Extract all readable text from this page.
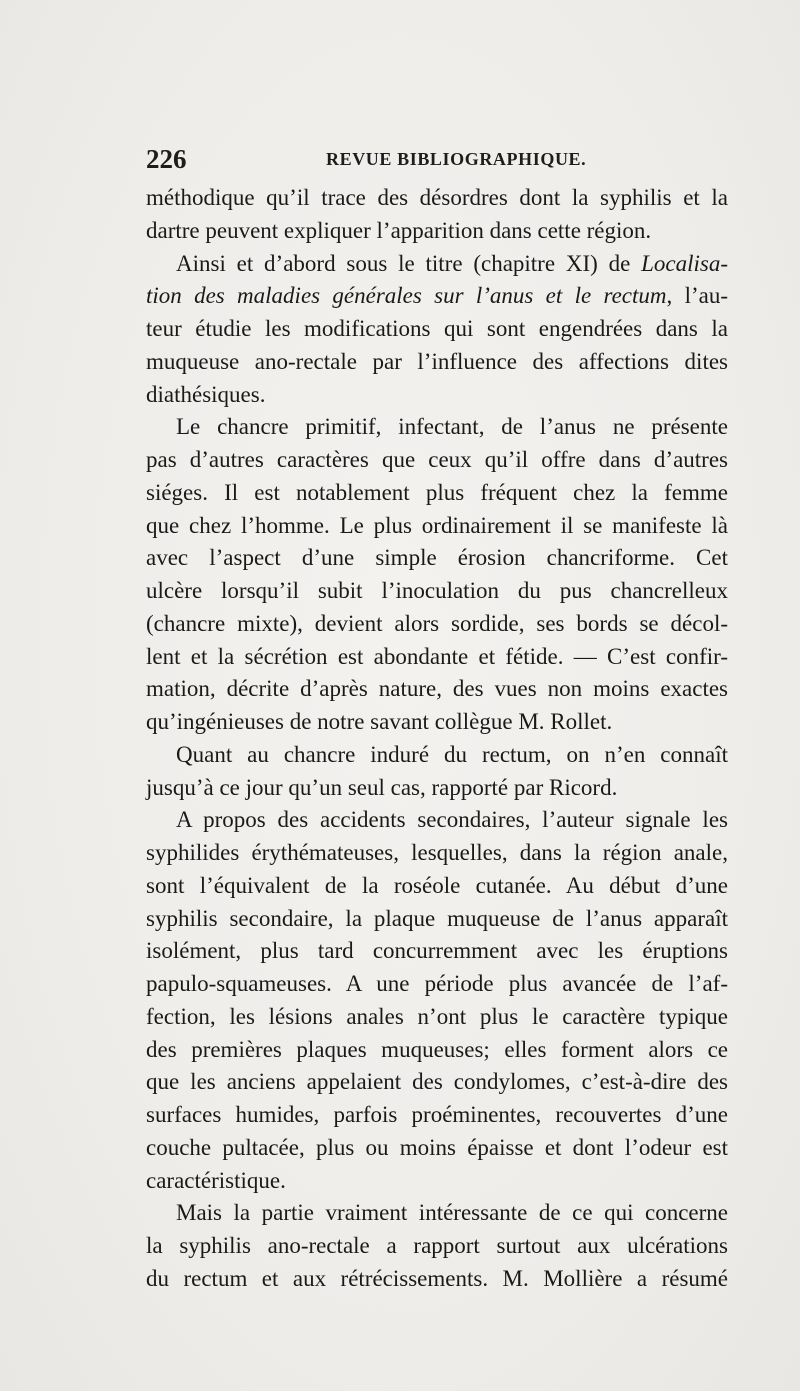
226	REVUE BIBLIOGRAPHIQUE.
méthodique qu’il trace des désordres dont la syphilis et la
dartre peuvent expliquer l’apparition dans cette région.
Ainsi et d’abord sous le titre (chapitre XI) de Localisa-
tion des maladies générales sur l’anus et le rectum, l’au-
teur étudie les modifications qui sont engendrées dans la
muqueuse ano-rectale par l’influence des affections dites
diathésiques.
Le chancre primitif, infectant, de l’anus ne présente
pas d’autres caractères que ceux qu’il offre dans d’autres
siéges. Il est notablement plus fréquent chez la femme
que chez l’homme. Le plus ordinairement il se manifeste là
avec l’aspect d’une simple érosion chancriforme. Cet
ulcère lorsqu’il subit l’inoculation du pus chancrelleux
(chancre mixte), devient alors sordide, ses bords se décol-
lent et la sécrétion est abondante et fétide. — C’est confir-
mation, décrite d’après nature, des vues non moins exactes
qu’ingénieuses de notre savant collègue M. Rollet.
Quant au chancre induré du rectum, on n’en connaît
jusqu’à ce jour qu’un seul cas, rapporté par Ricord.
A propos des accidents secondaires, l’auteur signale les
syphilides érythémateuses, lesquelles, dans la région anale,
sont l’équivalent de la roséole cutanée. Au début d’une
syphilis secondaire, la plaque muqueuse de l’anus apparaît
isolément, plus tard concurremment avec les éruptions
papulo-squameuses. A une période plus avancée de l’af-
fection, les lésions anales n’ont plus le caractère typique
des premières plaques muqueuses; elles forment alors ce
que les anciens appelaient des condylomes, c’est-à-dire des
surfaces humides, parfois proéminentes, recouvertes d’une
couche pultacée, plus ou moins épaisse et dont l’odeur est
caractéristique.
Mais la partie vraiment intéressante de ce qui concerne
la syphilis ano-rectale a rapport surtout aux ulcérations
du rectum et aux rétrécissements. M. Mollière a résumé
